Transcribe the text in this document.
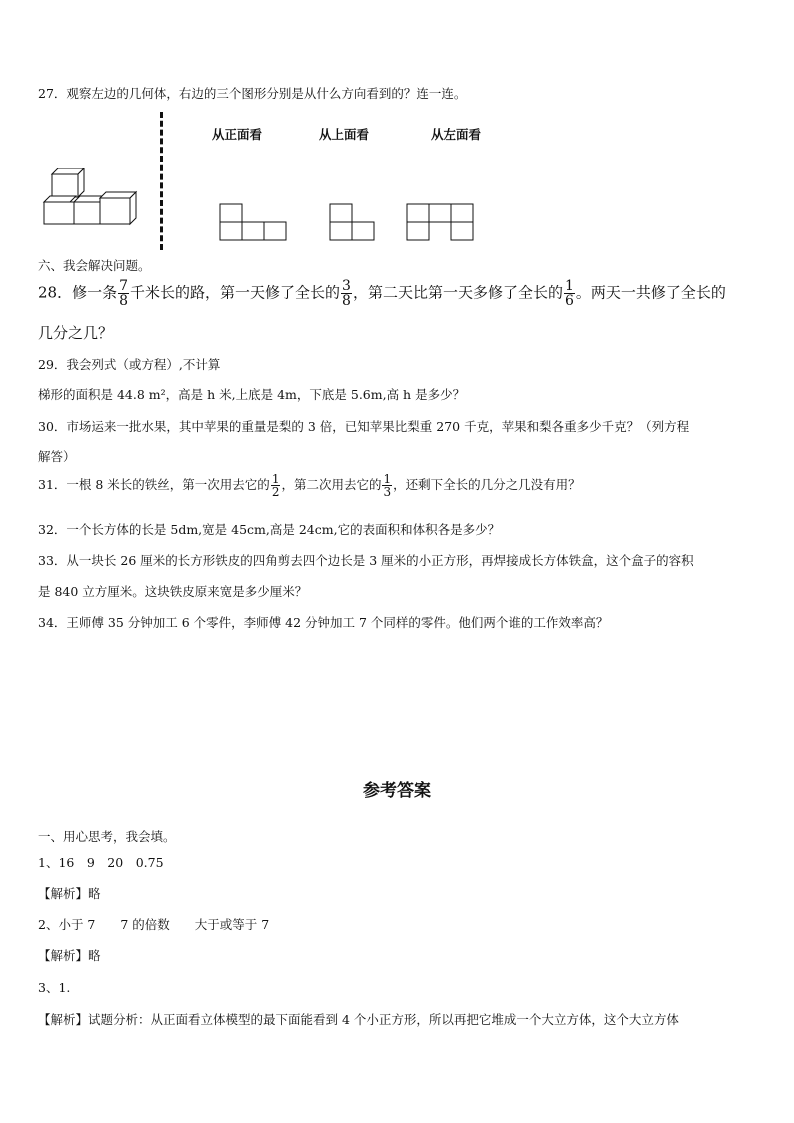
27．观察左边的几何体，右边的三个图形分别是从什么方向看到的？连一连。
从正面看	从上面看	从左面看
六、我会解决问题。
28．修一条 $\frac{7}{8}$ 千米长的路，第一天修了全长的 $\frac{3}{8}$ ，第二天比第一天多修了全长的 $\frac{1}{6}$ 。两天一共修了全长的
几分之几？
29．我会列式（或方程）,不计算
梯形的面积是 44.8 m²，高是 h 米,上底是 4m，下底是 5.6m,高 h 是多少？
30．市场运来一批水果，其中苹果的重量是梨的 3 倍，已知苹果比梨重 270 千克，苹果和梨各重多少千克？（列方程
解答）
31．一根 8 米长的铁丝，第一次用去它的 $\frac{1}{2}$ ，第二次用去它的 $\frac{1}{3}$ ，还剩下全长的几分之几没有用？
32．一个长方体的长是 5dm,宽是 45cm,高是 24cm,它的表面积和体积各是多少？
33．从一块长 26 厘米的长方形铁皮的四角剪去四个边长是 3 厘米的小正方形，再焊接成长方体铁盒，这个盒子的容积
是 840 立方厘米。这块铁皮原来宽是多少厘米？
34．王师傅 35 分钟加工 6 个零件，李师傅 42 分钟加工 7 个同样的零件。他们两个谁的工作效率高？
参考答案
一、用心思考，我会填。
1、16　9　20　0.75
【解析】略
2、小于 7　　7 的倍数　　大于或等于 7
【解析】略
3、1.
【解析】试题分析：从正面看立体模型的最下面能看到 4 个小正方形，所以再把它堆成一个大立方体，这个大立方体
